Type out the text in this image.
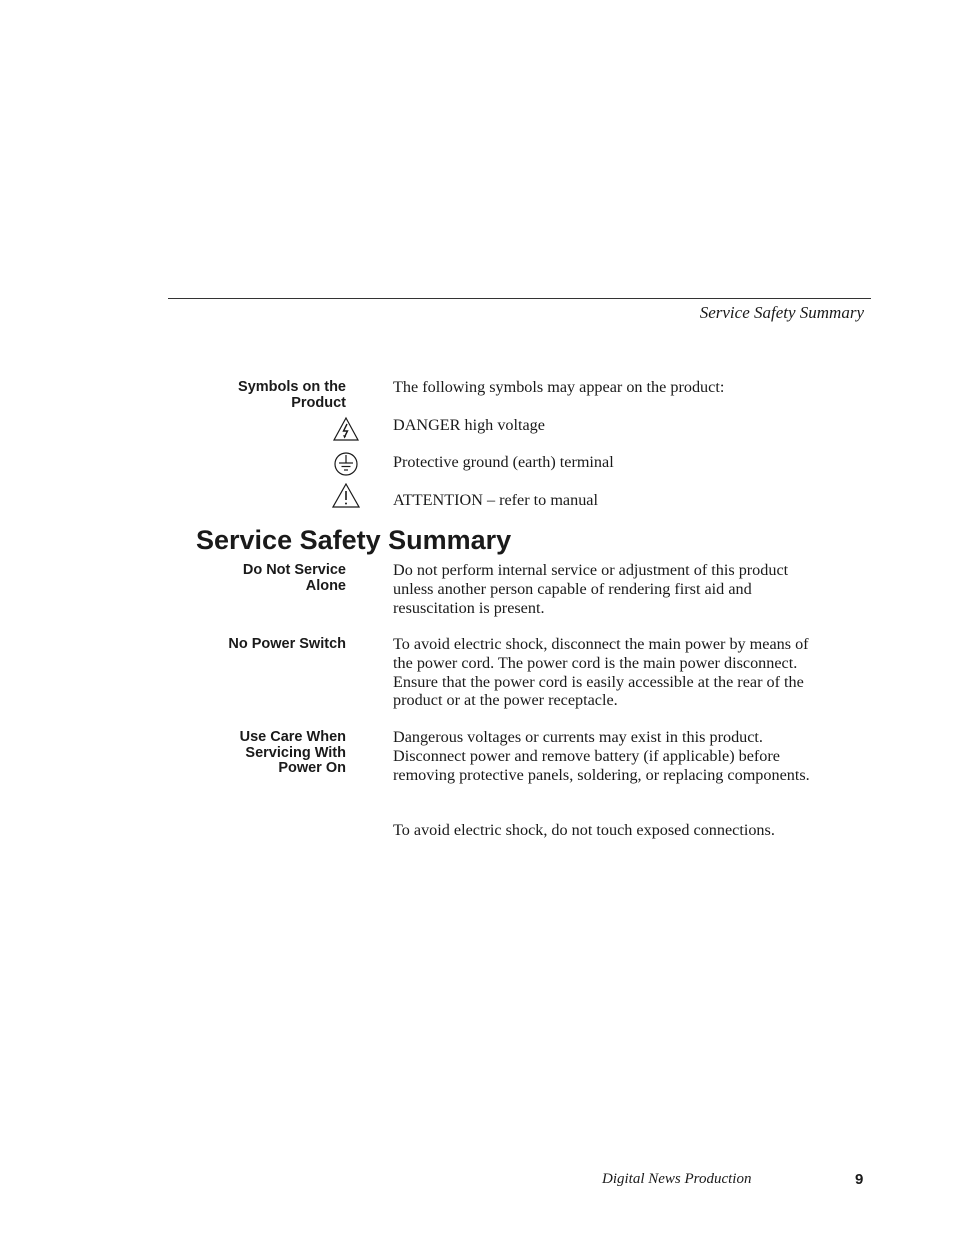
Service Safety Summary
Symbols on the
Product
The following symbols may appear on the product:
DANGER high voltage
Protective ground (earth) terminal
ATTENTION – refer to manual
Service Safety Summary
Do Not Service
Alone
Do not perform internal service or adjustment of this product unless another person capable of rendering first aid and resuscitation is present.
No Power Switch	To avoid electric shock, disconnect the main power by means of the power cord. The power cord is the main power disconnect. Ensure that the power cord is easily accessible at the rear of the product or at the power receptacle.
Use Care When
Servicing With
Power On
Dangerous voltages or currents may exist in this product. Disconnect power and remove battery (if applicable) before removing protective panels, soldering, or replacing components.
To avoid electric shock, do not touch exposed connections.
Digital News Production	9
